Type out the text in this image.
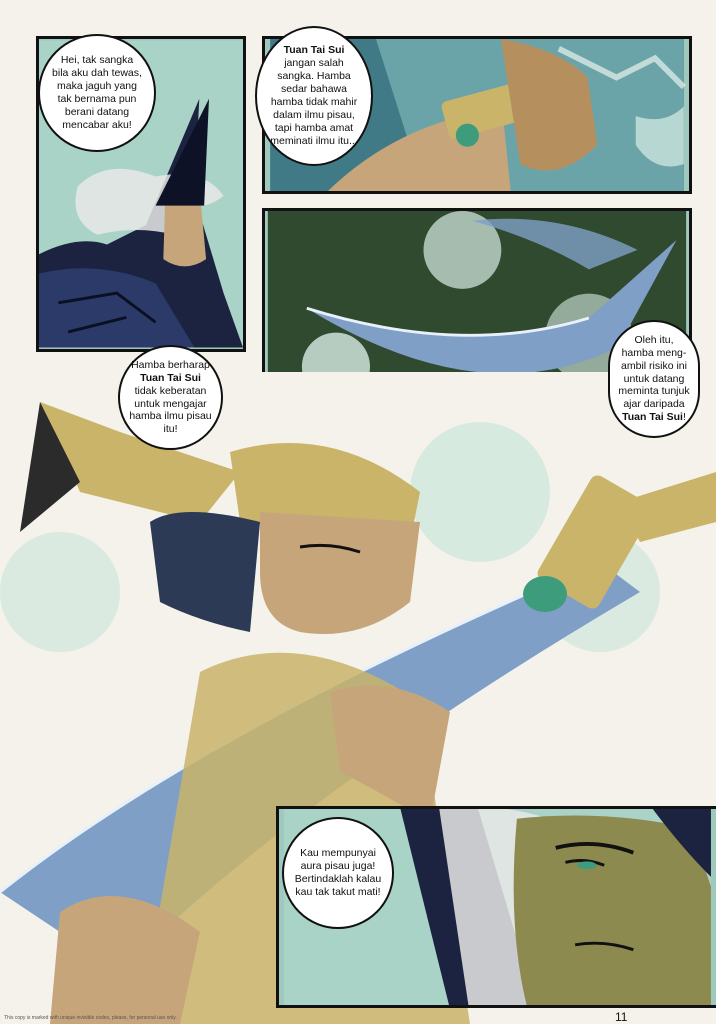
Hei, tak sangka bila aku dah tewas, maka jaguh yang tak bernama pun berani datang mencabar aku!
Tuan Tai Sui jangan salah sangka. Hamba sedar bahawa hamba tidak mahir dalam ilmu pisau, tapi hamba amat meminati ilmu itu...
Oleh itu, hamba meng-ambil risiko ini untuk datang meminta tunjuk ajar daripada Tuan Tai Sui!
Hamba berharap Tuan Tai Sui tidak keberatan untuk mengajar hamba ilmu pisau itu!
Kau mempunyai aura pisau juga! Bertindaklah kalau kau tak takut mati!
This copy is marked with unique invisible codes, please, for personal use only.	11
